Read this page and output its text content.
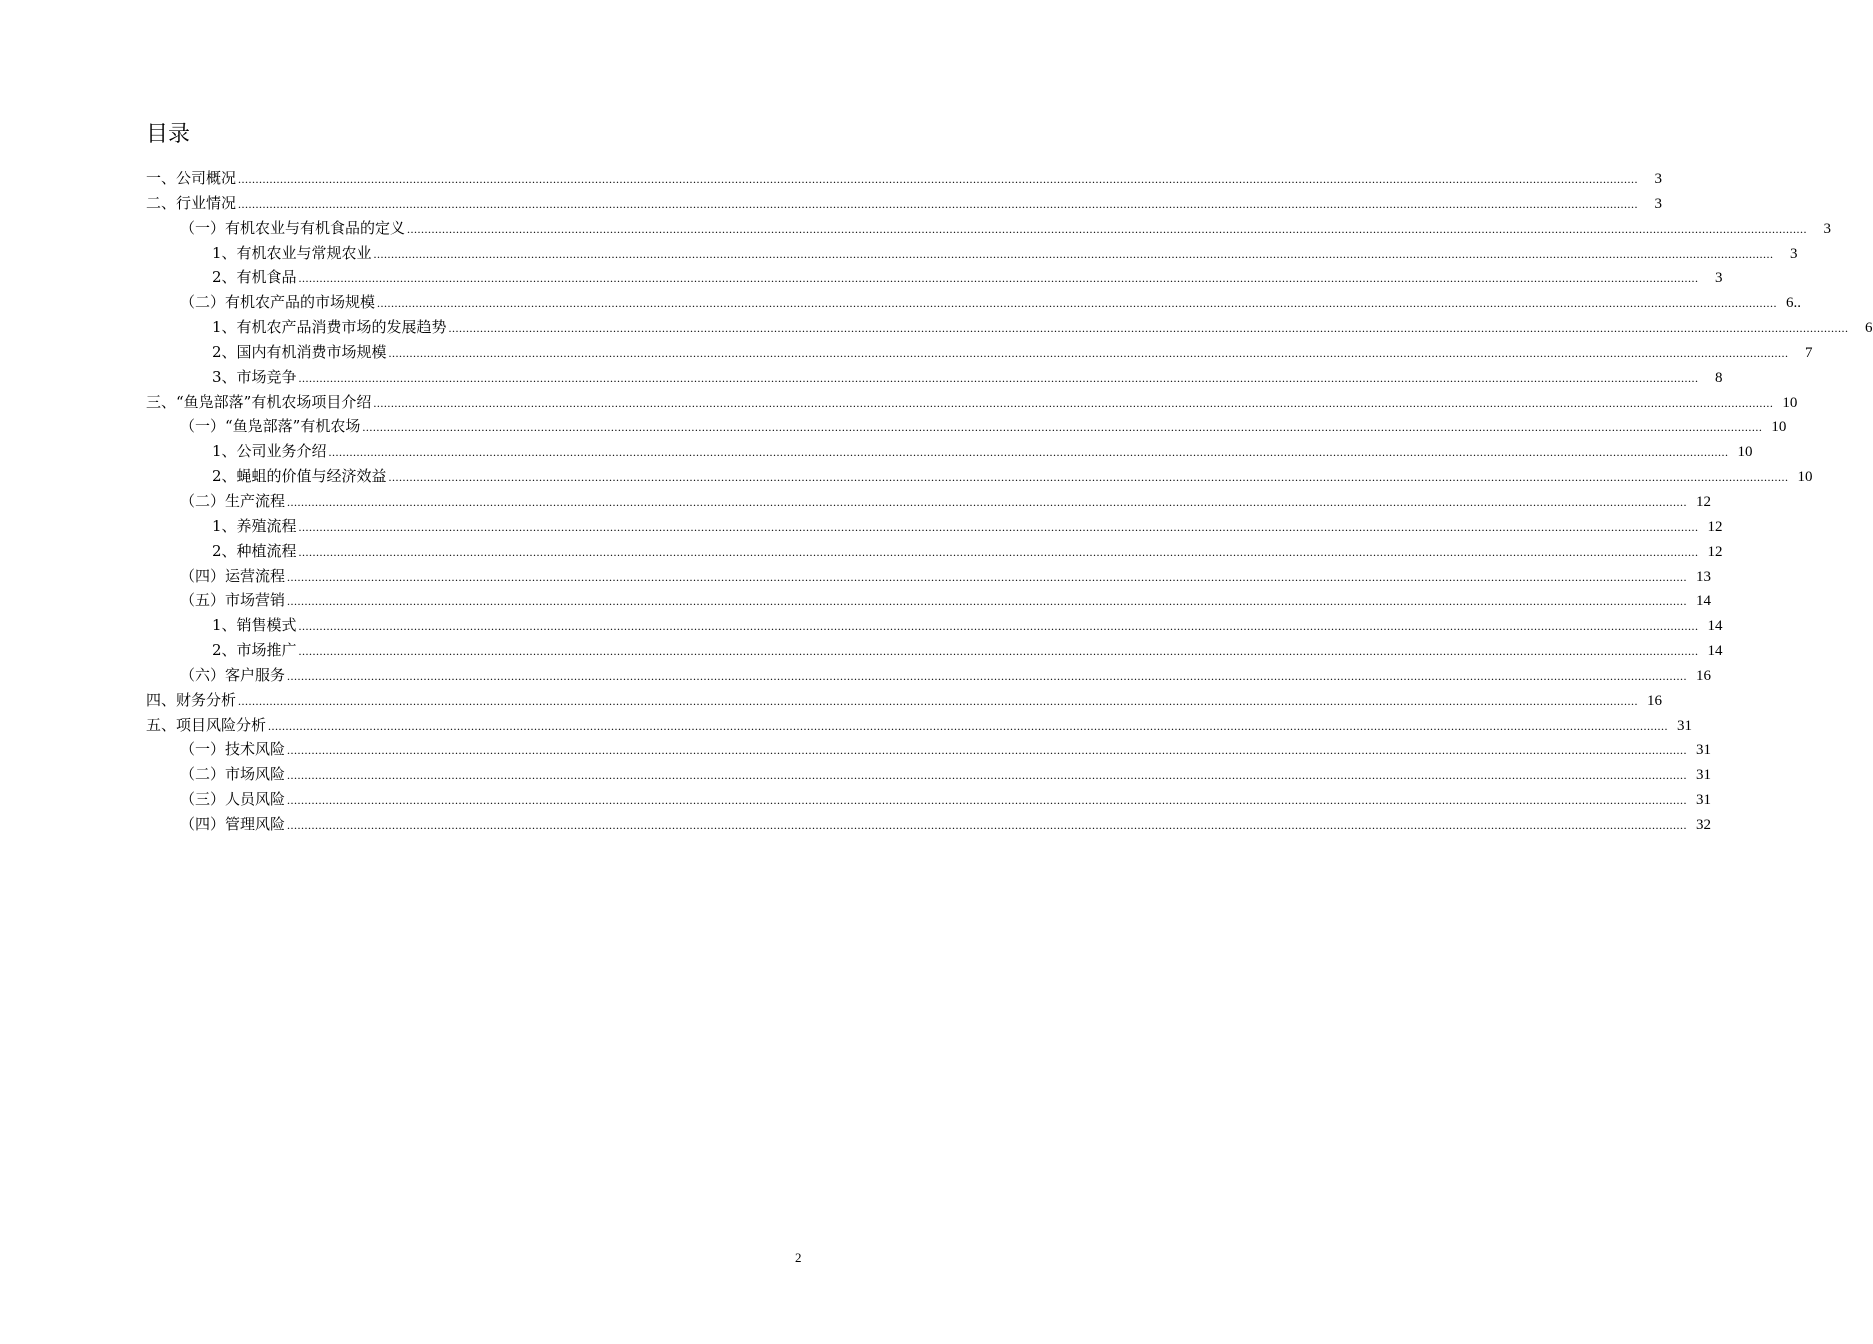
目录
一、公司概况 ................................................................................................................................................................................................................................................................................................................................................................................................................	3
二、行业情况 ................................................................................................................................................................................................................................................................................................................................................................................................................	3
（一）有机农业与有机食品的定义 ................................................................................................................................................................................................................................................................................................................................................................................................................	3
1、有机农业与常规农业 ................................................................................................................................................................................................................................................................................................................................................................................................................	3
2、有机食品 ................................................................................................................................................................................................................................................................................................................................................................................................................	3
（二）有机农产品的市场规模 ................................................................................................................................................................................................................................................................................................................................................................................................................ 6..
1、有机农产品消费市场的发展趋势 ................................................................................................................................................................................................................................................................................................................................................................................................................	6
2、国内有机消费市场规模 ................................................................................................................................................................................................................................................................................................................................................................................................................	7
3、市场竞争 ................................................................................................................................................................................................................................................................................................................................................................................................................	8
三、“鱼凫部落”有机农场项目介绍 ................................................................................................................................................................................................................................................................................................................................................................................................................ 10
（一）“鱼凫部落”有机农场 ................................................................................................................................................................................................................................................................................................................................................................................................................ 10
1、公司业务介绍 ................................................................................................................................................................................................................................................................................................................................................................................................................ 10
2、蝇蛆的价值与经济效益 ................................................................................................................................................................................................................................................................................................................................................................................................................ 10
（二）生产流程 ................................................................................................................................................................................................................................................................................................................................................................................................................ 12
1、养殖流程 ................................................................................................................................................................................................................................................................................................................................................................................................................ 12
2、种植流程 ................................................................................................................................................................................................................................................................................................................................................................................................................ 12
（四）运营流程 ................................................................................................................................................................................................................................................................................................................................................................................................................ 13
（五）市场营销 ................................................................................................................................................................................................................................................................................................................................................................................................................ 14
1、销售模式 ................................................................................................................................................................................................................................................................................................................................................................................................................ 14
2、市场推广 ................................................................................................................................................................................................................................................................................................................................................................................................................ 14
（六）客户服务 ................................................................................................................................................................................................................................................................................................................................................................................................................ 16
四、财务分析 ................................................................................................................................................................................................................................................................................................................................................................................................................ 16
五、项目风险分析 ................................................................................................................................................................................................................................................................................................................................................................................................................ 31
（一）技术风险 ................................................................................................................................................................................................................................................................................................................................................................................................................ 31
（二）市场风险 ................................................................................................................................................................................................................................................................................................................................................................................................................ 31
（三）人员风险 ................................................................................................................................................................................................................................................................................................................................................................................................................ 31
（四）管理风险 ................................................................................................................................................................................................................................................................................................................................................................................................................ 32
2
